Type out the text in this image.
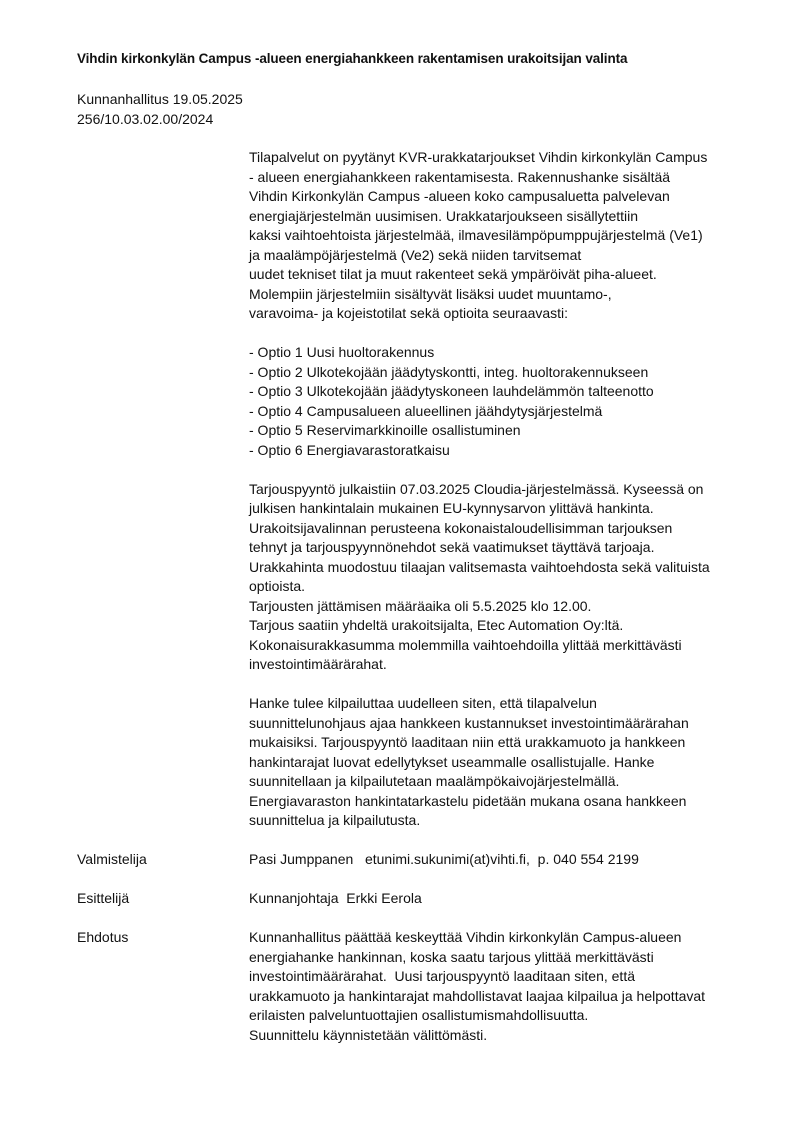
Vihdin kirkonkylän Campus -alueen energiahankkeen rakentamisen urakoitsijan valinta
Kunnanhallitus 19.05.2025
256/10.03.02.00/2024
Tilapalvelut on pyytänyt KVR-urakkatarjoukset Vihdin kirkonkylän Campus
- alueen energiahankkeen rakentamisesta. Rakennushanke sisältää
Vihdin Kirkonkylän Campus -alueen koko campusaluetta palvelevan
energiajärjestelmän uusimisen. Urakkatarjoukseen sisällytettiin
kaksi vaihtoehtoista järjestelmää, ilmavesilämpöpumppujärjestelmä (Ve1)
ja maalämpöjärjestelmä (Ve2) sekä niiden tarvitsemat
uudet tekniset tilat ja muut rakenteet sekä ympäröivät piha-alueet.
Molempiin järjestelmiin sisältyvät lisäksi uudet muuntamo-,
varavoima- ja kojeistotilat sekä optioita seuraavasti:
- Optio 1 Uusi huoltorakennus
- Optio 2 Ulkotekojään jäädytyskontti, integ. huoltorakennukseen
- Optio 3 Ulkotekojään jäädytyskoneen lauhdelämmön talteenotto
- Optio 4 Campusalueen alueellinen jäähdytysjärjestelmä
- Optio 5 Reservimarkkinoille osallistuminen
- Optio 6 Energiavarastoratkaisu
Tarjouspyyntö julkaistiin 07.03.2025 Cloudia-järjestelmässä. Kyseessä on
julkisen hankintalain mukainen EU-kynnysarvon ylittävä hankinta.
Urakoitsijavalinnan perusteena kokonaistaloudellisimman tarjouksen
tehnyt ja tarjouspyynnönehdot sekä vaatimukset täyttävä tarjoaja.
Urakkahinta muodostuu tilaajan valitsemasta vaihtoehdosta sekä valituista
optioista.
Tarjousten jättämisen määräaika oli 5.5.2025 klo 12.00.
Tarjous saatiin yhdeltä urakoitsijalta, Etec Automation Oy:ltä.
Kokonaisurakkasumma molemmilla vaihtoehdoilla ylittää merkittävästi
investointimäärärahat.
Hanke tulee kilpailuttaa uudelleen siten, että tilapalvelun
suunnittelunohjaus ajaa hankkeen kustannukset investointimäärärahan
mukaisiksi. Tarjouspyyntö laaditaan niin että urakkamuoto ja hankkeen
hankintarajat luovat edellytykset useammalle osallistujalle. Hanke
suunnitellaan ja kilpailutetaan maalämpökaivojärjestelmällä.
Energiavaraston hankintatarkastelu pidetään mukana osana hankkeen
suunnittelua ja kilpailutusta.
Valmistelija	Pasi Jumppanen   etunimi.sukunimi(at)vihti.fi,  p. 040 554 2199
Esittelijä	Kunnanjohtaja  Erkki Eerola
Ehdotus	Kunnanhallitus päättää keskeyttää Vihdin kirkonkylän Campus-alueen
energiahanke hankinnan, koska saatu tarjous ylittää merkittävästi
investointimäärärahat.  Uusi tarjouspyyntö laaditaan siten, että
urakkamuoto ja hankintarajat mahdollistavat laajaa kilpailua ja helpottavat
erilaisten palveluntuottajien osallistumismahdollisuutta.
Suunnittelu käynnistetään välittömästi.
